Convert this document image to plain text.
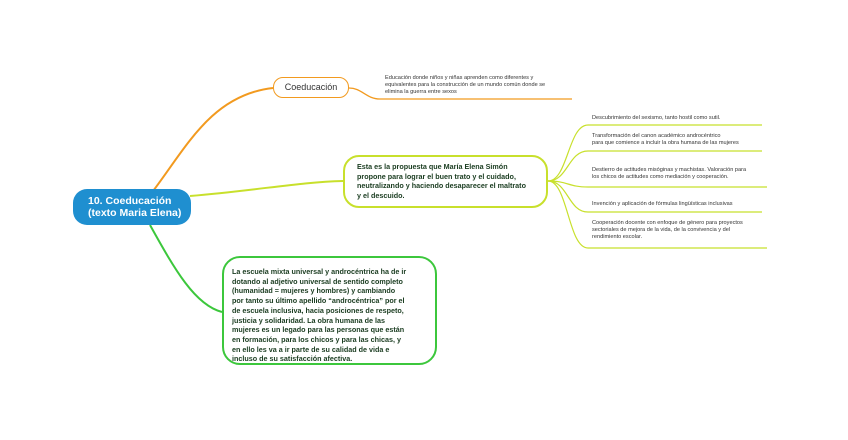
10. Coeducación
(texto Maria Elena)
Coeducación
Educación donde niños y niñas aprenden como diferentes y
equivalentes para la construcción de un mundo común donde se
elimina la guerra entre sexos
Esta es la propuesta que María Elena Simón
propone para lograr el buen trato y el cuidado,
neutralizando y haciendo desaparecer el maltrato
y el descuido.
Descubrimiento del sexismo, tanto hostil como sutil.
Transformación del canon académico androcéntrico
para que comience a incluir la obra humana de las mujeres
Destierro de actitudes misóginas y machistas. Valoración para
los chicos de actitudes como mediación y cooperación.
Invención y aplicación de fórmulas lingüísticas inclusivas
Cooperación docente con enfoque de género para proyectos
sectoriales de mejora de la vida, de la convivencia y del
rendimiento escolar.
La escuela mixta universal y androcéntrica ha de ir
dotando al adjetivo universal de sentido completo
(humanidad = mujeres y hombres) y cambiando
por tanto su último apellido “androcéntrica” por el
de escuela inclusiva, hacia posiciones de respeto,
justicia y solidaridad. La obra humana de las
mujeres es un legado para las personas que están
en formación, para los chicos y para las chicas, y
en ello les va a ir parte de su calidad de vida e
incluso de su satisfacción afectiva.
